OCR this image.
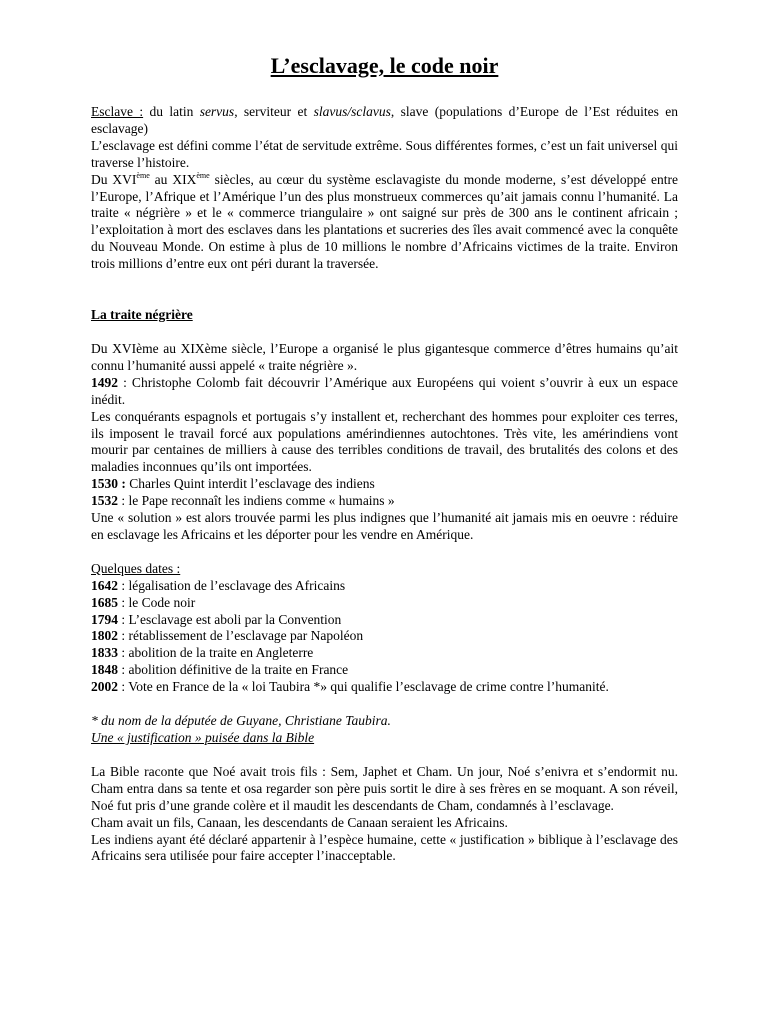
L’esclavage, le code noir

Esclave : du latin servus, serviteur et slavus/sclavus, slave (populations d’Europe de l’Est réduites en esclavage)

L’esclavage est défini comme l’état de servitude extrême. Sous différentes formes, c’est un fait universel qui traverse l’histoire.

Du XVIème au XIXème siècles, au cœur du système esclavagiste du monde moderne, s’est développé entre l’Europe, l’Afrique et l’Amérique l’un des plus monstrueux commerces qu’ait jamais connu l’humanité. La traite « négrière » et le « commerce triangulaire » ont saigné sur près de 300 ans le continent africain ; l’exploitation à mort des esclaves dans les plantations et sucreries des îles avait commencé avec la conquête du Nouveau Monde. On estime à plus de 10 millions le nombre d’Africains victimes de la traite. Environ trois millions d’entre eux ont péri durant la traversée.

La traite négrière

Du XVIème au XIXème siècle, l’Europe a organisé le plus gigantesque commerce d’êtres humains qu’ait connu l’humanité aussi appelé « traite négrière ».

1492 : Christophe Colomb fait découvrir l’Amérique aux Européens qui voient s’ouvrir à eux un espace inédit.

Les conquérants espagnols et portugais s’y installent et, recherchant des hommes pour exploiter ces terres, ils imposent le travail forcé aux populations amérindiennes autochtones. Très vite, les amérindiens vont mourir par centaines de milliers à cause des terribles conditions de travail, des brutalités des colons et des maladies inconnues qu’ils ont importées.

1530 : Charles Quint interdit l’esclavage des indiens

1532 : le Pape reconnaît les indiens comme « humains »

Une « solution » est alors trouvée parmi les plus indignes que l’humanité ait jamais mis en oeuvre : réduire en esclavage les Africains et les déporter pour les vendre en Amérique.

Quelques dates :

1642 : légalisation de l’esclavage des Africains

1685 : le Code noir

1794 : L’esclavage est aboli par la Convention

1802 : rétablissement de l’esclavage par Napoléon

1833 : abolition de la traite en Angleterre

1848 : abolition définitive de la traite en France

2002 : Vote en France de la « loi Taubira *» qui qualifie l’esclavage de crime contre l’humanité.

* du nom de la députée de Guyane, Christiane Taubira.

Une « justification » puisée dans la Bible

La Bible raconte que Noé avait trois fils : Sem, Japhet et Cham. Un jour, Noé s’enivra et s’endormit nu. Cham entra dans sa tente et osa regarder son père puis sortit le dire à ses frères en se moquant. A son réveil, Noé fut pris d’une grande colère et il maudit les descendants de Cham, condamnés à l’esclavage.

Cham avait un fils, Canaan, les descendants de Canaan seraient les Africains.

Les indiens ayant été déclaré appartenir à l’espèce humaine, cette « justification » biblique à l’esclavage des Africains sera utilisée pour faire accepter l’inacceptable.
